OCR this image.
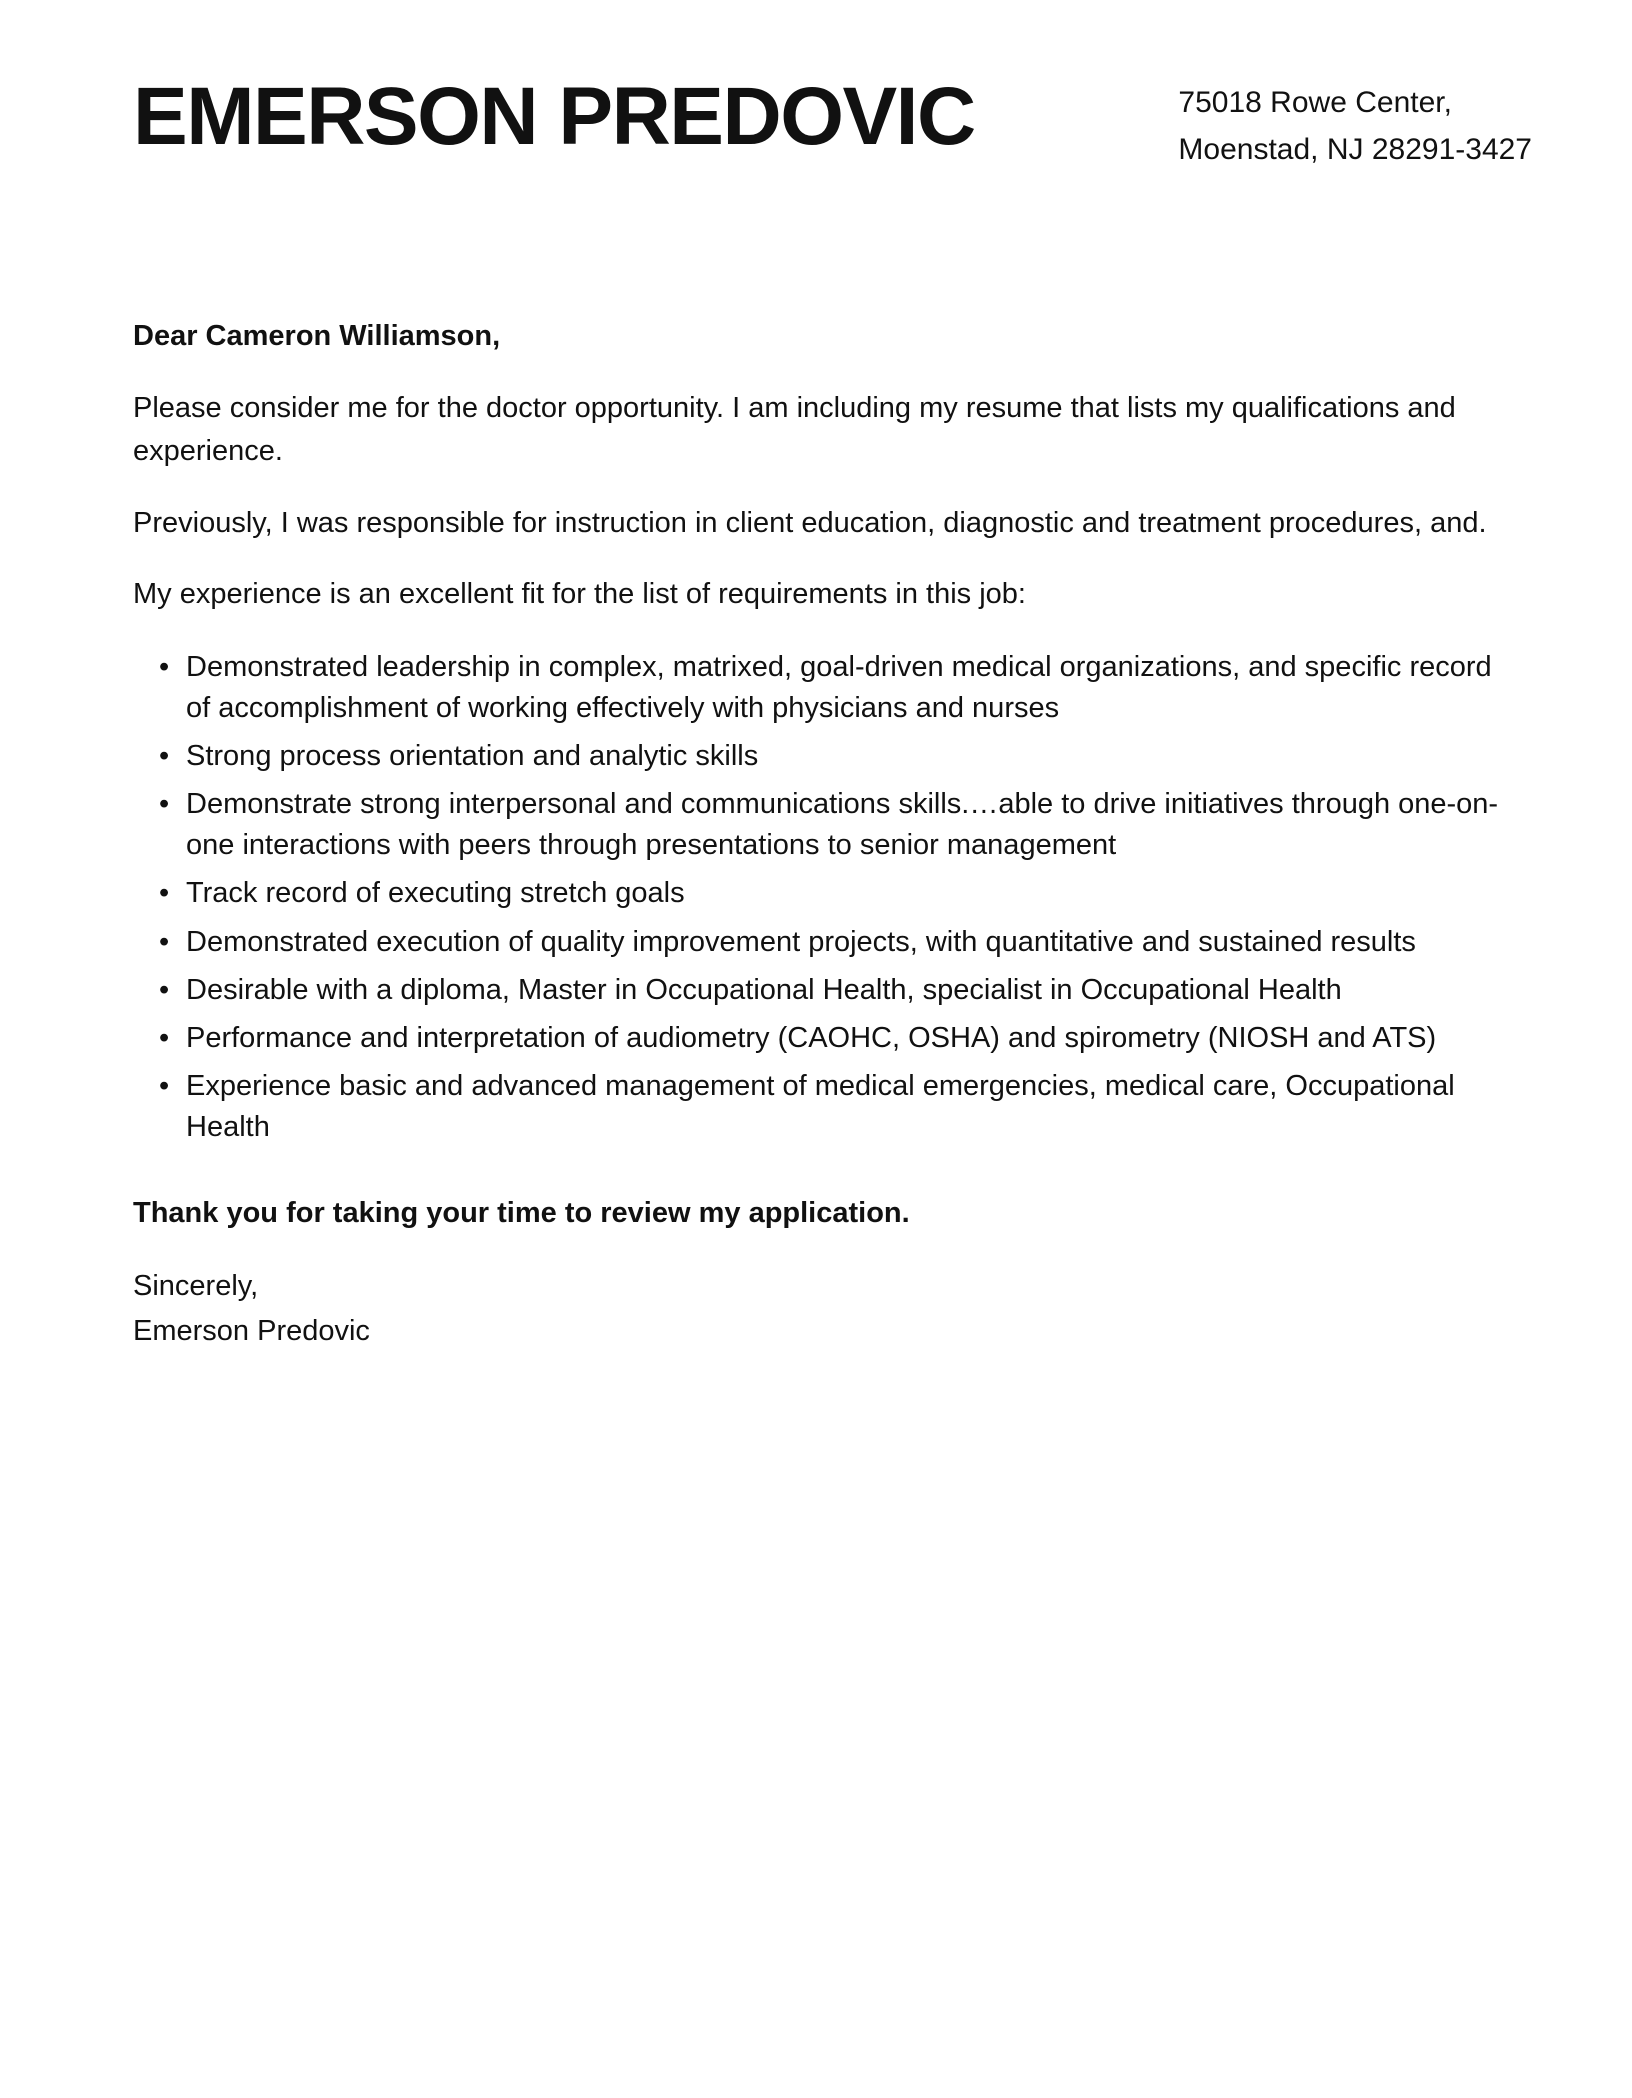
EMERSON PREDOVIC	75018 Rowe Center,
Moenstad, NJ 28291-3427
Dear Cameron Williamson,

Please consider me for the doctor opportunity. I am including my resume that lists my qualifications and experience.

Previously, I was responsible for instruction in client education, diagnostic and treatment procedures, and.

My experience is an excellent fit for the list of requirements in this job:

• Demonstrated leadership in complex, matrixed, goal-driven medical organizations, and specific record of accomplishment of working effectively with physicians and nurses
• Strong process orientation and analytic skills
• Demonstrate strong interpersonal and communications skills.…able to drive initiatives through one-on-one interactions with peers through presentations to senior management
• Track record of executing stretch goals
• Demonstrated execution of quality improvement projects, with quantitative and sustained results
• Desirable with a diploma, Master in Occupational Health, specialist in Occupational Health
• Performance and interpretation of audiometry (CAOHC, OSHA) and spirometry (NIOSH and ATS)
• Experience basic and advanced management of medical emergencies, medical care, Occupational Health
Thank you for taking your time to review my application.
Sincerely,
Emerson Predovic
